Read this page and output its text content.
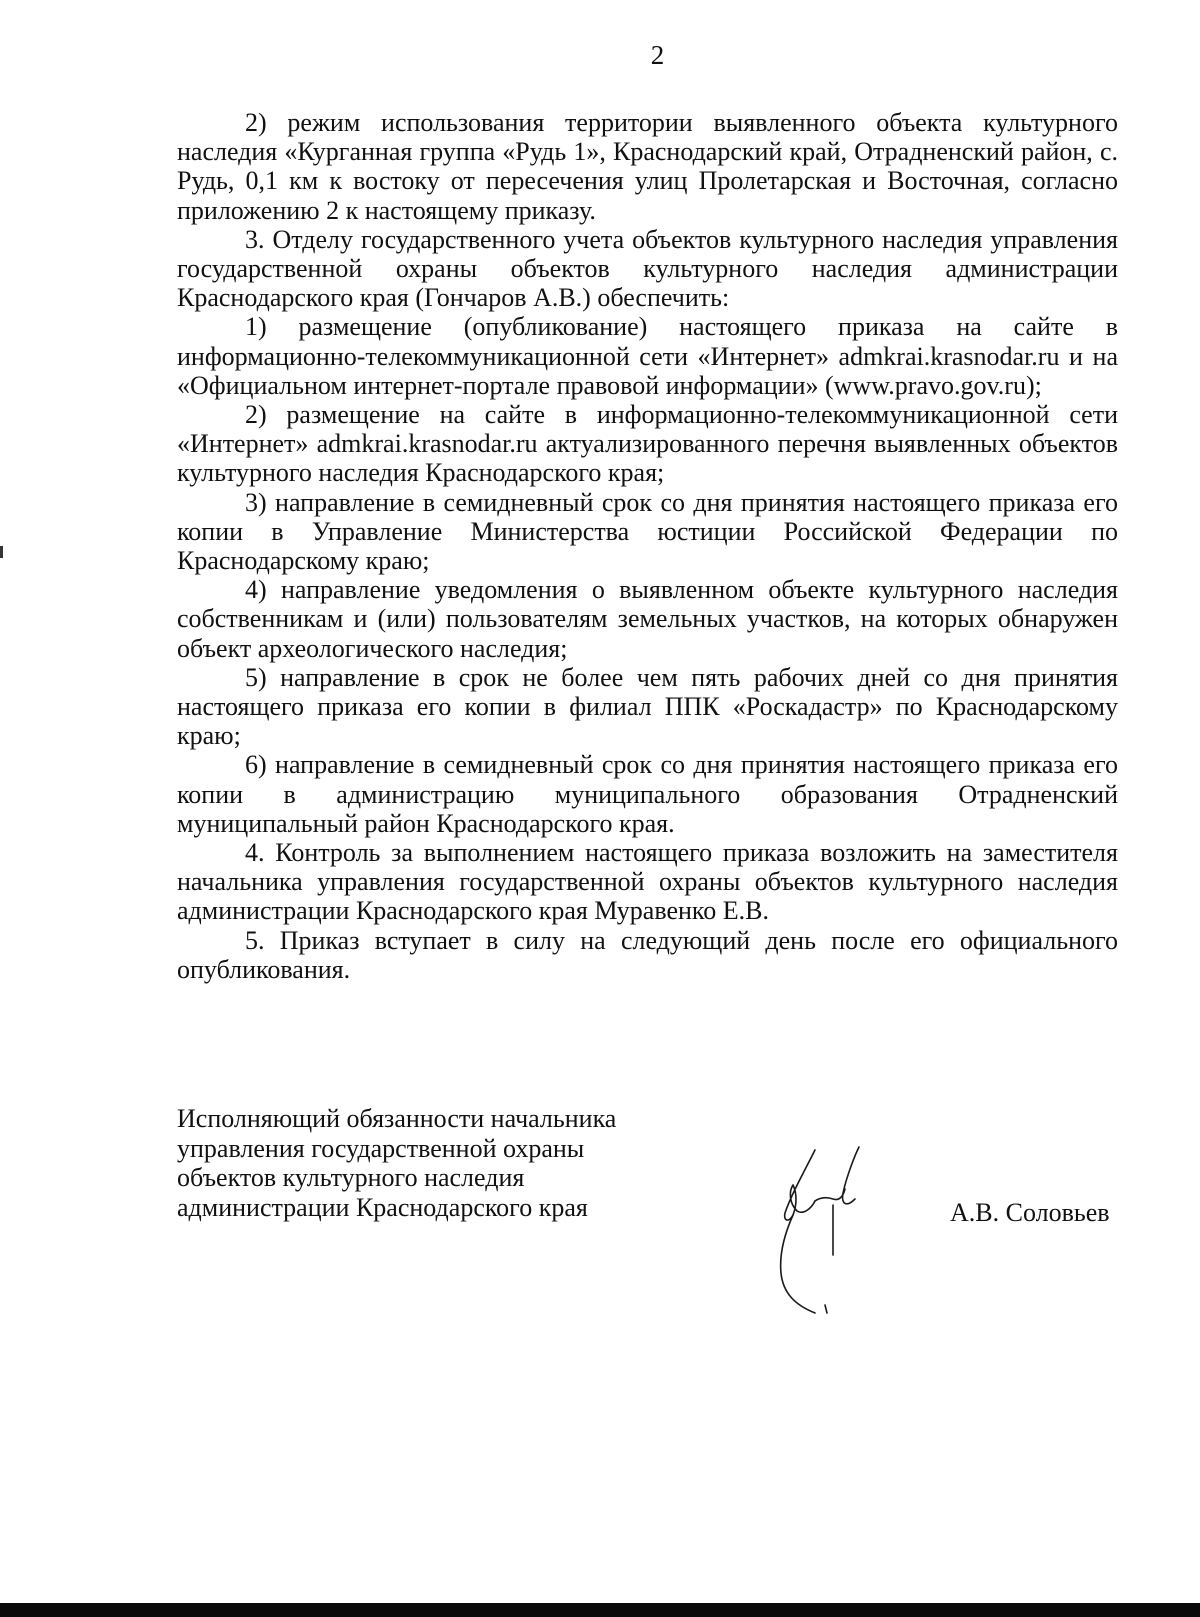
2

2) режим использования территории выявленного объекта культурного наследия «Курганная группа «Рудь 1», Краснодарский край, Отрадненский район, с. Рудь, 0,1 км к востоку от пересечения улиц Пролетарская и Восточная, согласно приложению 2 к настоящему приказу.

3. Отделу государственного учета объектов культурного наследия управления государственной охраны объектов культурного наследия администрации Краснодарского края (Гончаров А.В.) обеспечить:

1) размещение (опубликование) настоящего приказа на сайте в информационно-телекоммуникационной сети «Интернет» admkrai.krasnodar.ru и на «Официальном интернет-портале правовой информации» (www.pravo.gov.ru);

2) размещение на сайте в информационно-телекоммуникационной сети «Интернет» admkrai.krasnodar.ru актуализированного перечня выявленных объектов культурного наследия Краснодарского края;

3) направление в семидневный срок со дня принятия настоящего приказа его копии в Управление Министерства юстиции Российской Федерации по Краснодарскому краю;

4) направление уведомления о выявленном объекте культурного наследия собственникам и (или) пользователям земельных участков, на которых обнаружен объект археологического наследия;

5) направление в срок не более чем пять рабочих дней со дня принятия настоящего приказа его копии в филиал ППК «Роскадастр» по Краснодарскому краю;

6) направление в семидневный срок со дня принятия настоящего приказа его копии в администрацию муниципального образования Отрадненский муниципальный район Краснодарского края.

4. Контроль за выполнением настоящего приказа возложить на заместителя начальника управления государственной охраны объектов культурного наследия администрации Краснодарского края Муравенко Е.В.

5. Приказ вступает в силу на следующий день после его официального опубликования.

Исполняющий обязанности начальника
управления государственной охраны
объектов культурного наследия
администрации Краснодарского края	А.В. Соловьев
